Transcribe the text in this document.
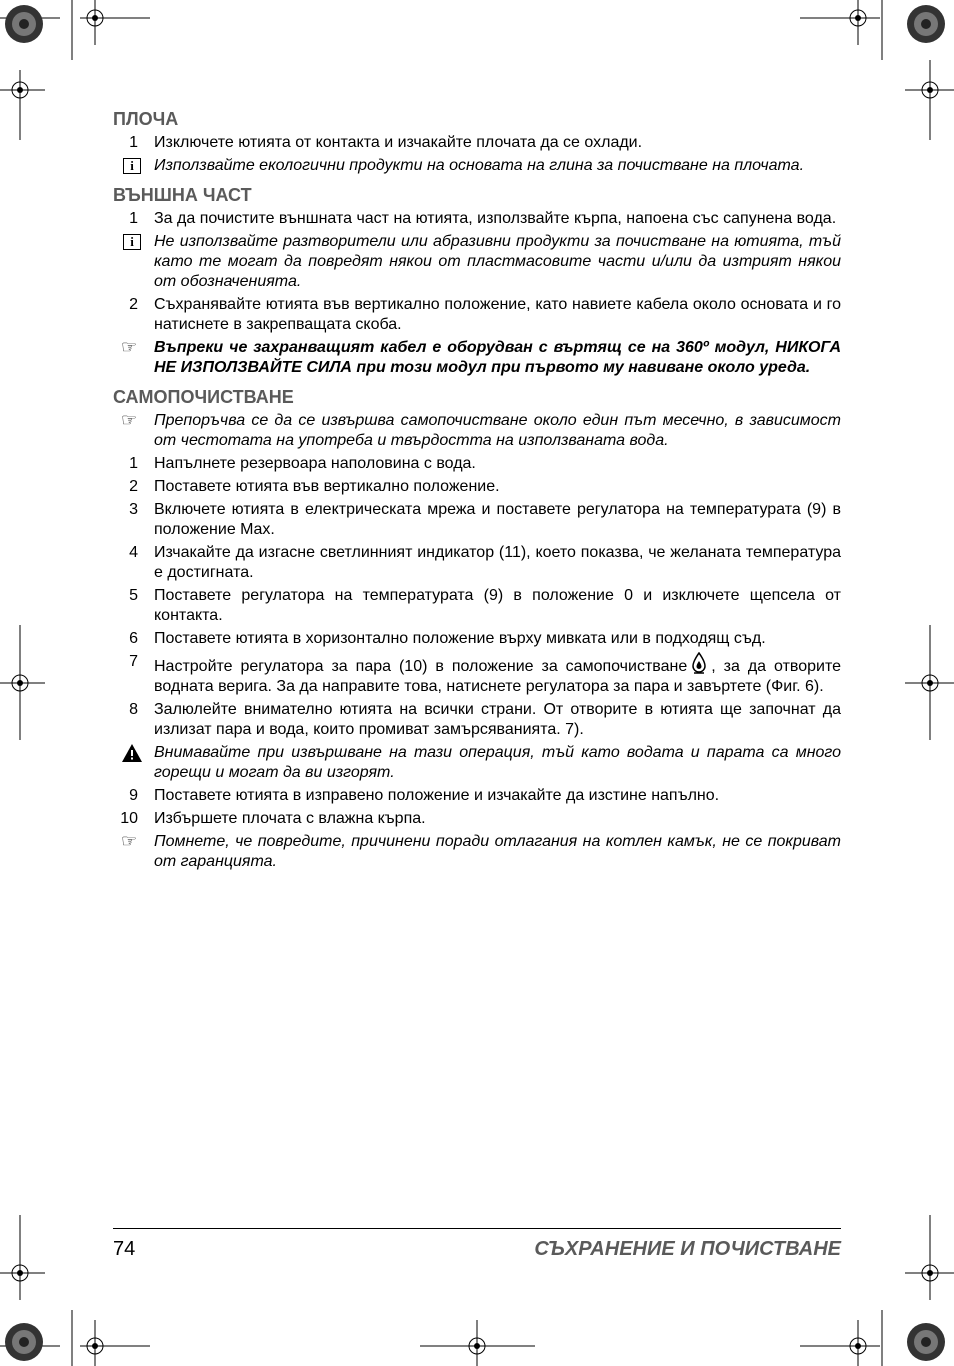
ПЛОЧА
1 Изключете ютията от контакта и изчакайте плочата да се охлади.
i	Използвайте екологични продукти на основата на глина за почистване на плочата.
ВЪНШНА ЧАСТ
1 За да почистите външната част на ютията, използвайте кърпа, напоена със сапунена вода.
i	Не използвайте разтворители или абразивни продукти за почистване на ютията, тъй като те могат да повредят някои от пластмасовите части и/или да изтрият някои от обозначенията.
2 Съхранявайте ютията във вертикално положение, като навиете кабела около основата и го натиснете в закрепващата скоба.
☞ Въпреки че захранващият кабел е оборудван с въртящ се на 360º модул, НИКОГА НЕ ИЗПОЛЗВАЙТЕ СИЛА при този модул при първото му навиване около уреда.
САМОПОЧИСТВАНЕ
☞ Препоръчва се да се извършва самопочистване около един път месечно, в зависимост от честотата на употреба и твърдостта на използваната вода.
1 Напълнете резервоара наполовина с вода.
2 Поставете ютията във вертикално положение.
3 Включете ютията в електрическата мрежа и поставете регулатора на температурата (9) в положение Max.
4 Изчакайте да изгасне светлинният индикатор (11), което показва, че желаната температура е достигната.
5 Поставете регулатора на температурата (9) в положение 0 и изключете щепсела от контакта.
6 Поставете ютията в хоризонтално положение върху мивката или в подходящ съд.
7 Настройте регулатора за пара (10) в положение за самопочистване , за да отворите водната верига. За да направите това, натиснете регулатора за пара и завъртете (Фиг. 6).
8 Залюлейте внимателно ютията на всички страни. От отворите в ютията ще започнат да излизат пара и вода, които промиват замърсяванията. 7).
Внимавайте при извършване на тази операция, тъй като водата и парата са много горещи и могат да ви изгорят.
9 Поставете ютията в изправено положение и изчакайте да изстине напълно.
10 Избършете плочата с влажна кърпа.
☞ Помнете, че повредите, причинени поради отлагания на котлен камък, не се покриват от гаранцията.
74	СЪХРАНЕНИЕ И ПОЧИСТВАНЕ
